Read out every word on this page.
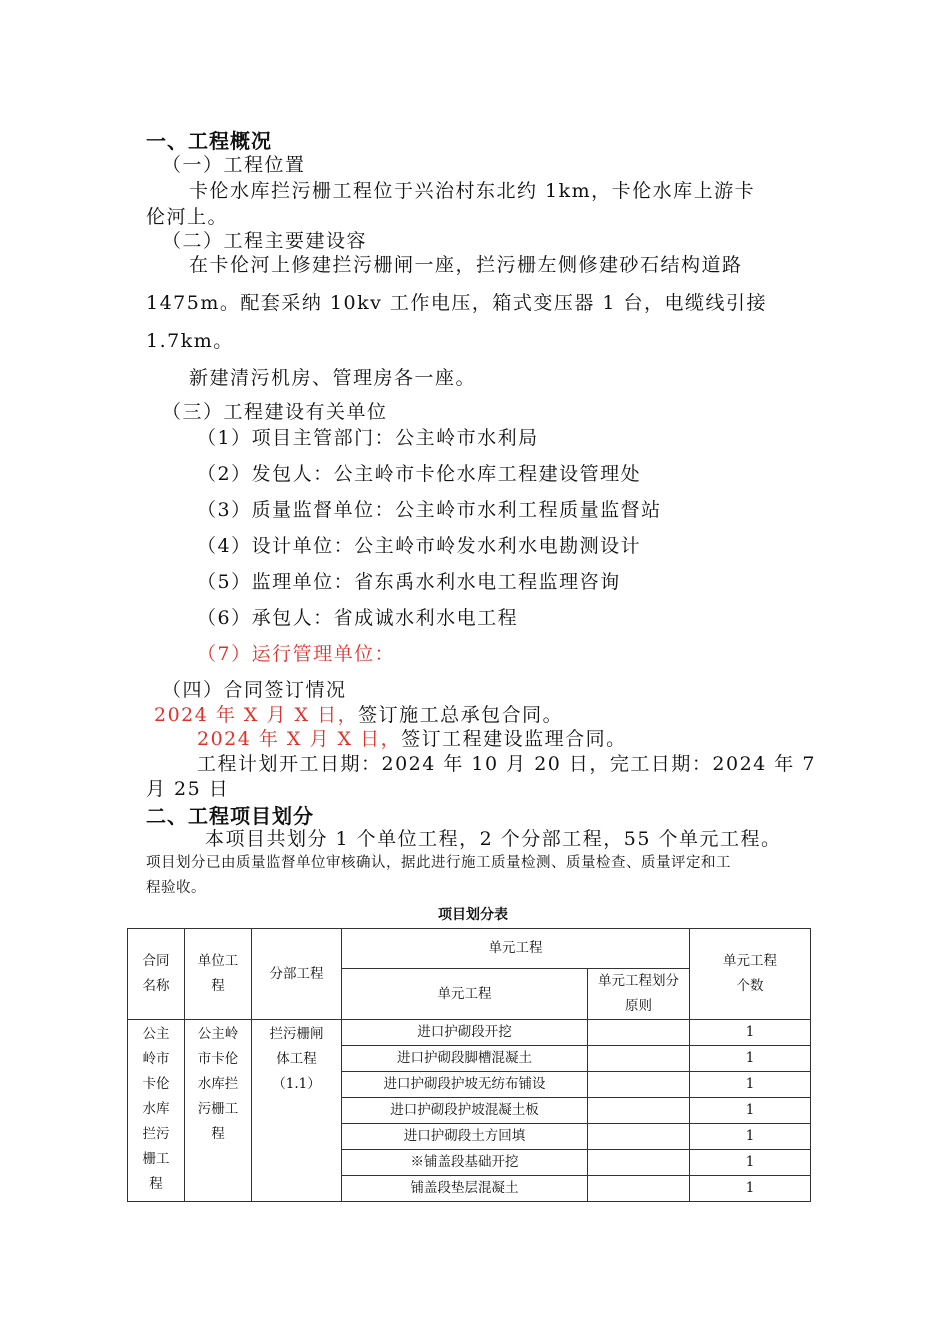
一、工程概况
（一）工程位置
卡伦水库拦污栅工程位于兴治村东北约 1km，卡伦水库上游卡
伦河上。
（二）工程主要建设容
在卡伦河上修建拦污栅闸一座，拦污栅左侧修建砂石结构道路
1475m。配套采纳 10kv 工作电压，箱式变压器 1 台，电缆线引接
1.7km。
新建清污机房、管理房各一座。
（三）工程建设有关单位
（1）项目主管部门：公主岭市水利局
（2）发包人：公主岭市卡伦水库工程建设管理处
（3）质量监督单位：公主岭市水利工程质量监督站
（4）设计单位：公主岭市岭发水利水电勘测设计
（5）监理单位：省东禹水利水电工程监理咨询
（6）承包人：省成诚水利水电工程
（7）运行管理单位：
（四）合同签订情况
2024 年 X 月 X 日，签订施工总承包合同。
2024 年 X 月 X 日，签订工程建设监理合同。
工程计划开工日期：2024 年 10 月 20 日，完工日期：2024 年 7
月 25 日
二、工程项目划分
本项目共划分 1 个单位工程，2 个分部工程，55 个单元工程。
项目划分已由质量监督单位审核确认，据此进行施工质量检测、质量检查、质量评定和工
程验收。
项目划分表
合同名称	单位工程	分部工程	单元工程		单元工程个数

			单元工程	单元工程划分原则	

公主岭市卡伦水库拦污栅工程	公主岭市卡伦水库拦污栅工程	拦污栅闸体工程（1.1）	进口护砌段开挖		1
			进口护砌段脚槽混凝土		1
			进口护砌段护坡无纺布铺设		1
			进口护砌段护坡混凝土板		1
			进口护砌段土方回填		1
			※铺盖段基础开挖		1
			铺盖段垫层混凝土		1
